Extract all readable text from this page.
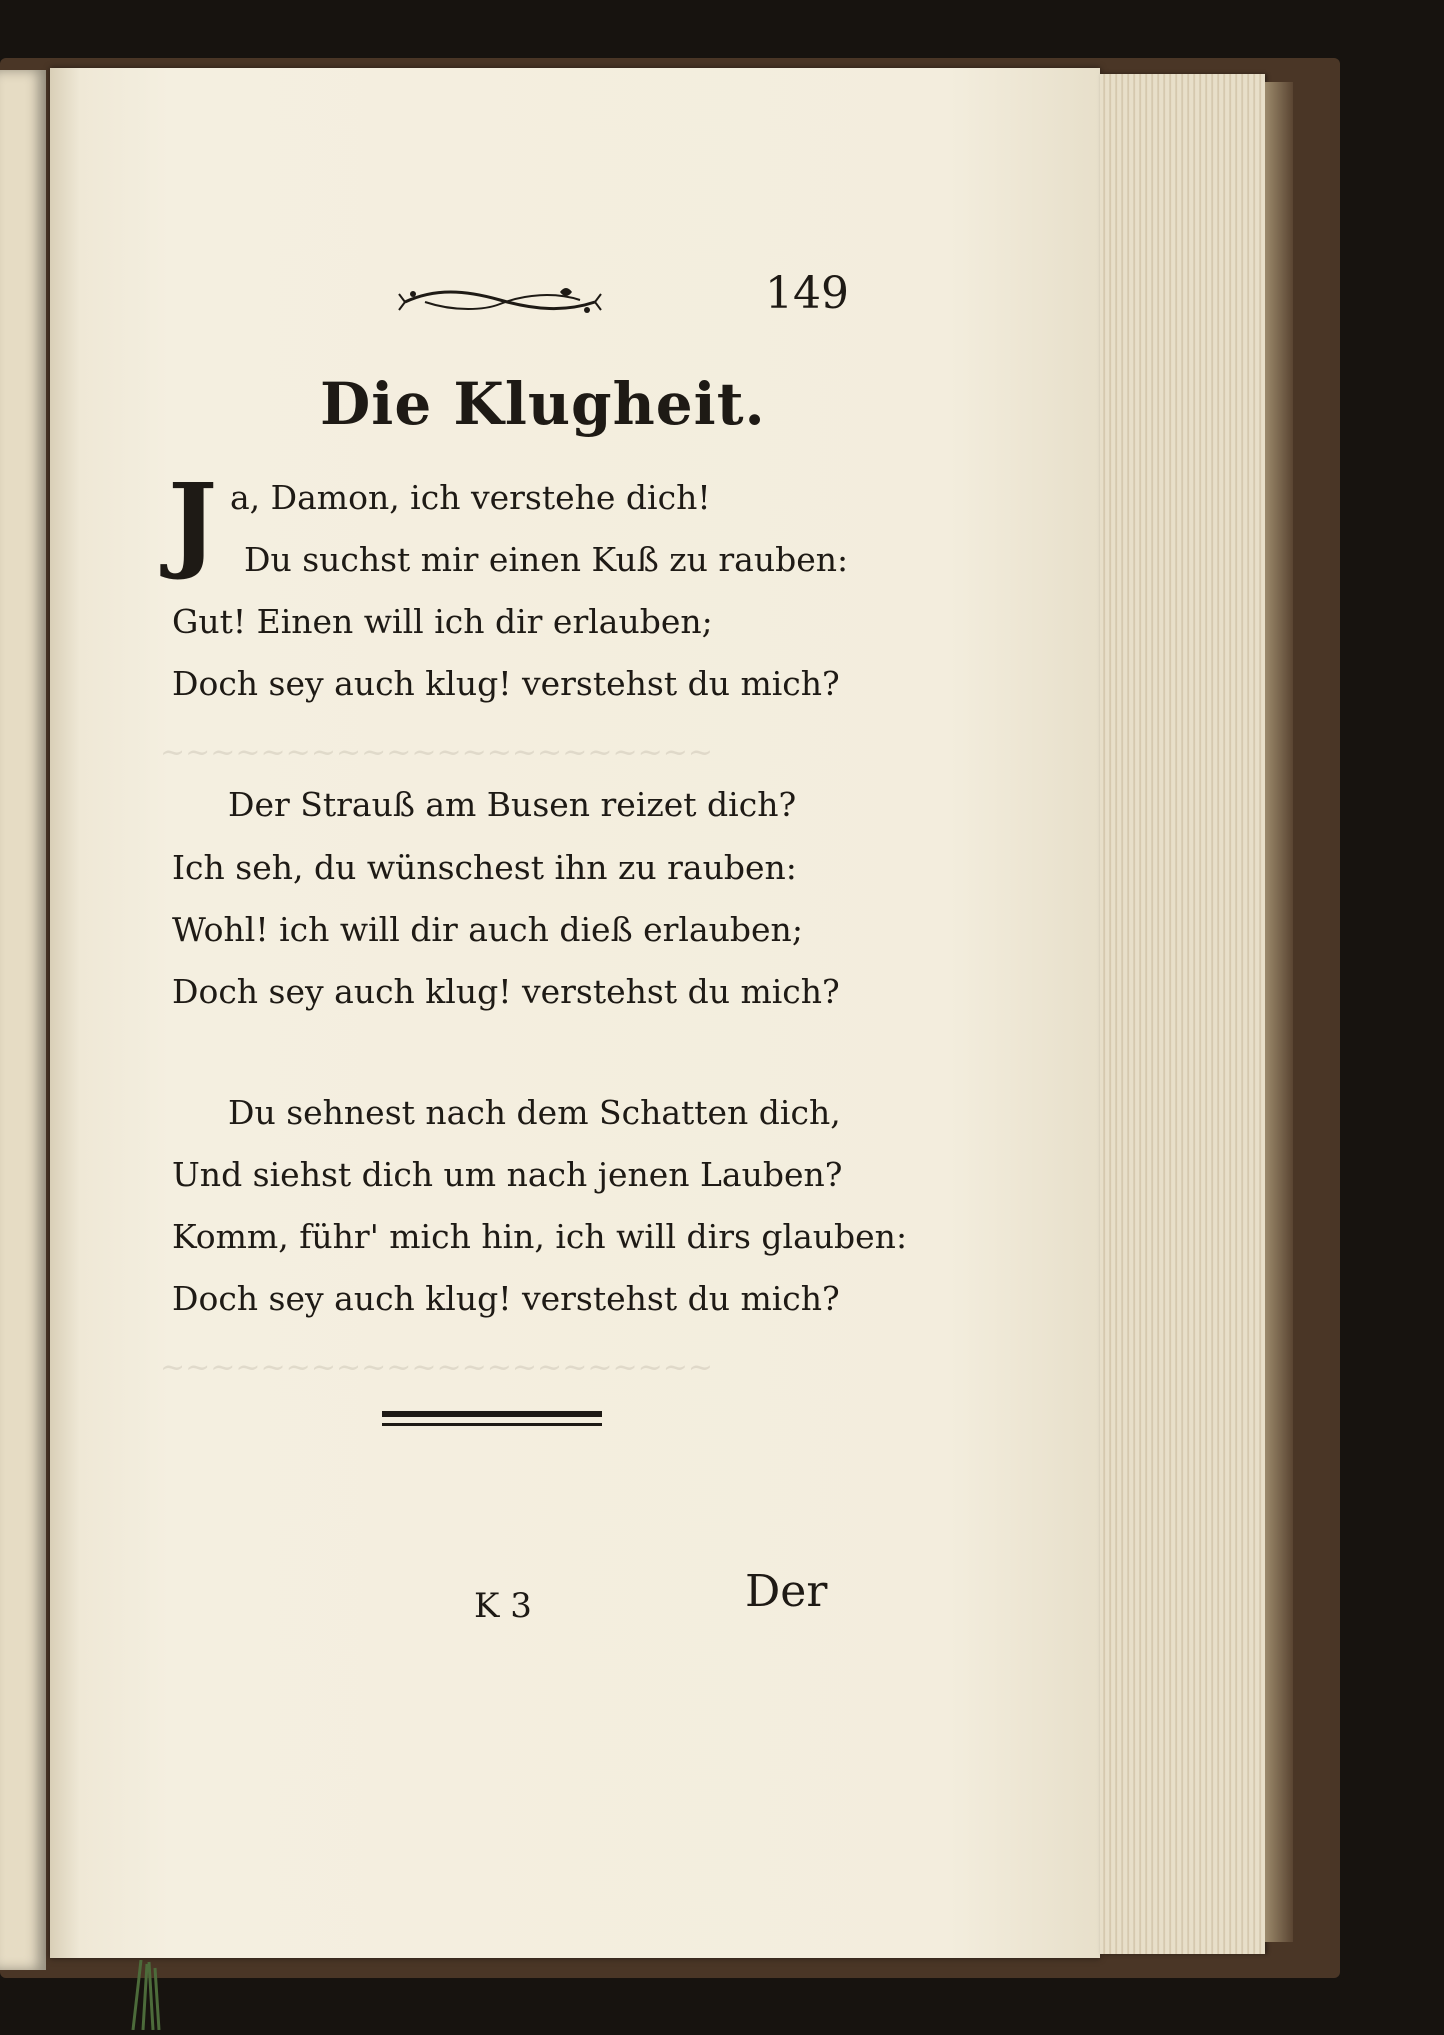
~~~~~~~~~~~~~~~~~~~~~~
~~~~~~~~~~~~~~~~~~~~~~
149
Die Klugheit.
J a, Damon, ich verstehe dich!
Du suchst mir einen Kuß zu rauben:
Gut! Einen will ich dir erlauben;
Doch sey auch klug! verstehst du mich?
Der Strauß am Busen reizet dich?
Ich seh, du wünschest ihn zu rauben:
Wohl! ich will dir auch dieß erlauben;
Doch sey auch klug! verstehst du mich?
Du sehnest nach dem Schatten dich,
Und siehst dich um nach jenen Lauben?
Komm, führ' mich hin, ich will dirs glauben:
Doch sey auch klug! verstehst du mich?
K 3	Der
